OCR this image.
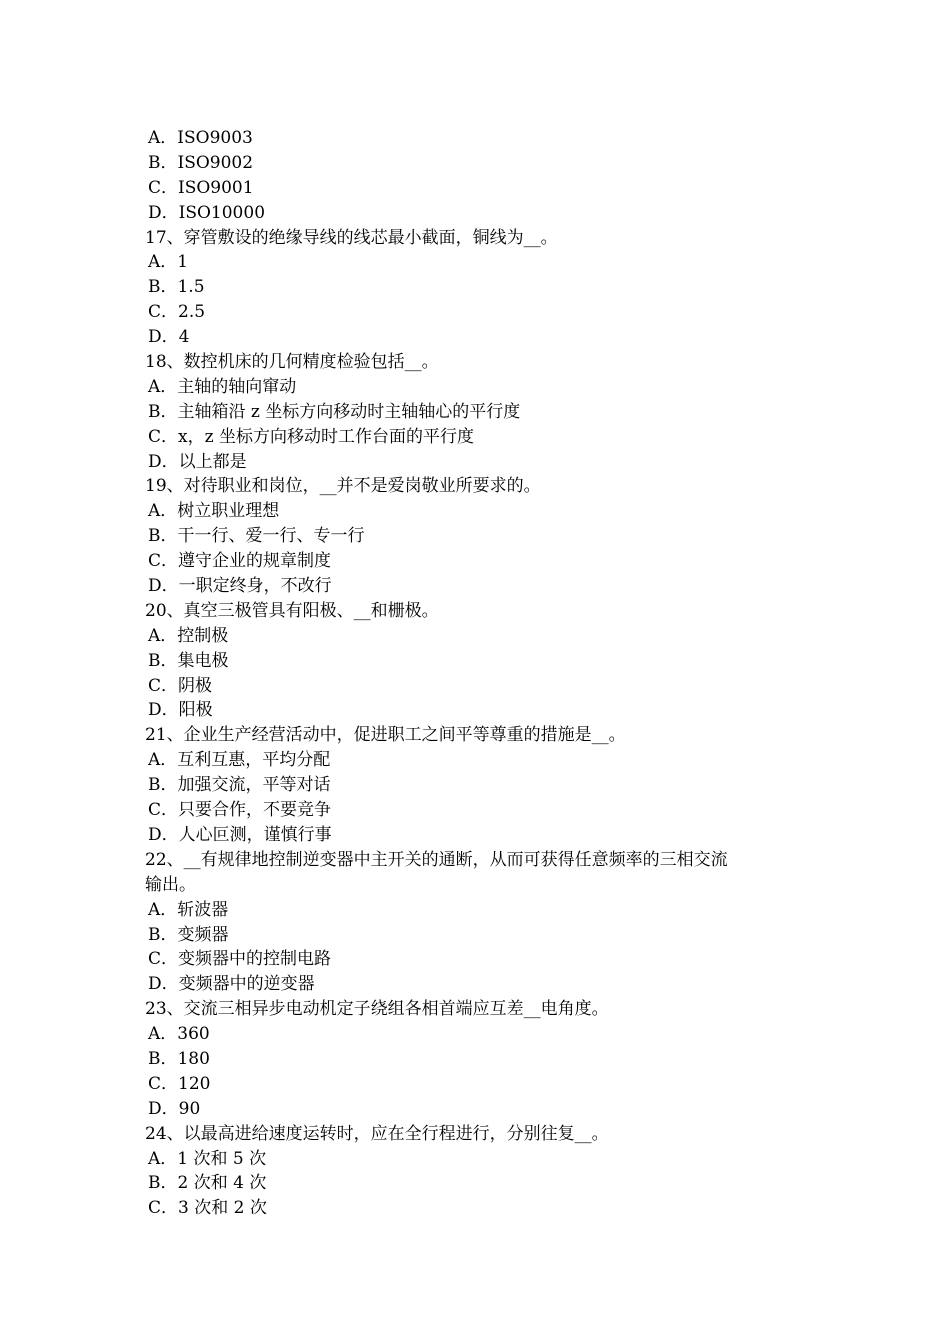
A．ISO9003
B．ISO9002
C．ISO9001
D．ISO10000
17、穿管敷设的绝缘导线的线芯最小截面，铜线为__。
A．1
B．1.5
C．2.5
D．4
18、数控机床的几何精度检验包括__。
A．主轴的轴向窜动
B．主轴箱沿 z 坐标方向移动时主轴轴心的平行度
C．x，z 坐标方向移动时工作台面的平行度
D．以上都是
19、对待职业和岗位，__并不是爱岗敬业所要求的。
A．树立职业理想
B．干一行、爱一行、专一行
C．遵守企业的规章制度
D．一职定终身，不改行
20、真空三极管具有阳极、__和栅极。
A．控制极
B．集电极
C．阴极
D．阳极
21、企业生产经营活动中，促进职工之间平等尊重的措施是__。
A．互利互惠，平均分配
B．加强交流，平等对话
C．只要合作，不要竞争
D．人心叵测，谨慎行事
22、__有规律地控制逆变器中主开关的通断，从而可获得任意频率的三相交流
输出。
A．斩波器
B．变频器
C．变频器中的控制电路
D．变频器中的逆变器
23、交流三相异步电动机定子绕组各相首端应互差__电角度。
A．360
B．180
C．120
D．90
24、以最高进给速度运转时，应在全行程进行，分别往复__。
A．1 次和 5 次
B．2 次和 4 次
C．3 次和 2 次
